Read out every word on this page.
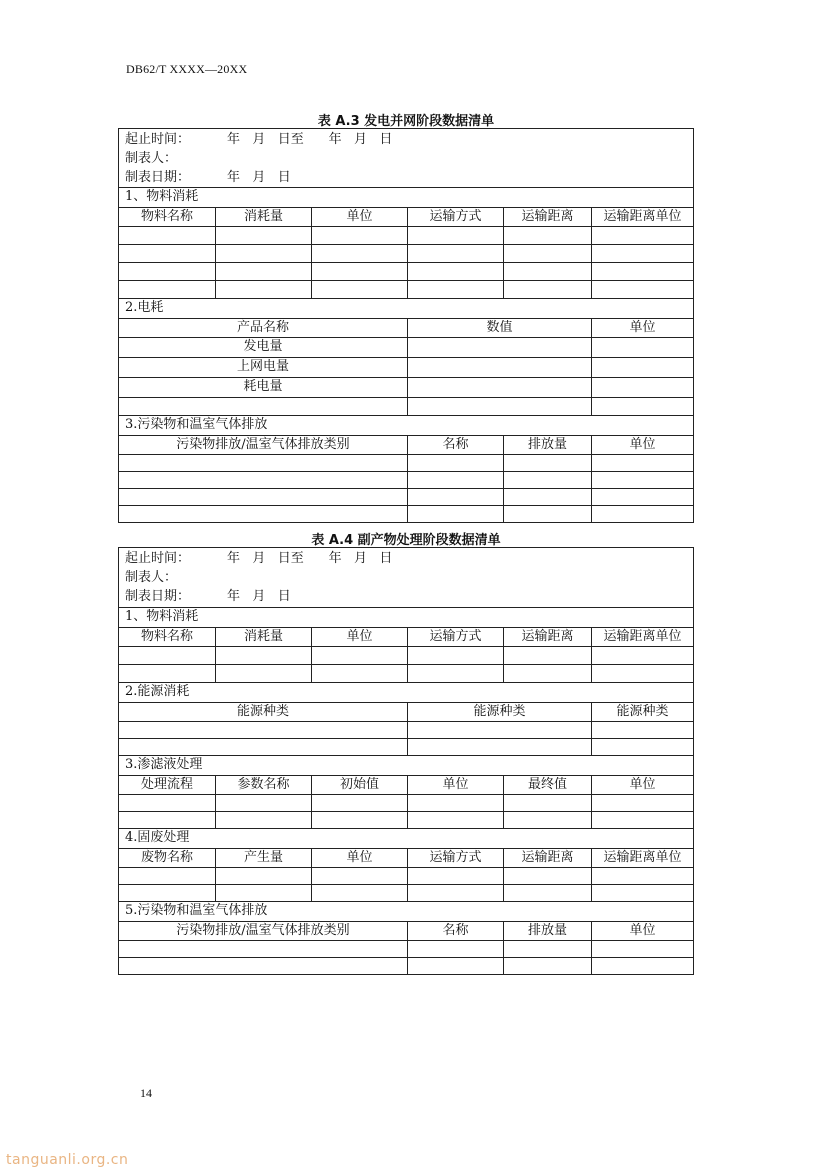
DB62/T XXXX—20XX
表 A.3 发电并网阶段数据清单
起止时间：	年   月   日至      年   月   日
制表人：
制表日期：	年   月   日
1、物料消耗
物料名称	消耗量	单位	运输方式	运输距离	运输距离单位
2.电耗
产品名称	数值	单位
发电量
上网电量
耗电量
3.污染物和温室气体排放
污染物排放/温室气体排放类别	名称	排放量	单位
表 A.4 副产物处理阶段数据清单
起止时间：	年   月   日至      年   月   日
制表人：
制表日期：	年   月   日
1、物料消耗
物料名称	消耗量	单位	运输方式	运输距离	运输距离单位
2.能源消耗
能源种类	能源种类	能源种类
3.渗滤液处理
处理流程	参数名称	初始值	单位	最终值	单位
4.固废处理
废物名称	产生量	单位	运输方式	运输距离	运输距离单位
5.污染物和温室气体排放
污染物排放/温室气体排放类别	名称	排放量	单位
14
tanguanli.org.cn
